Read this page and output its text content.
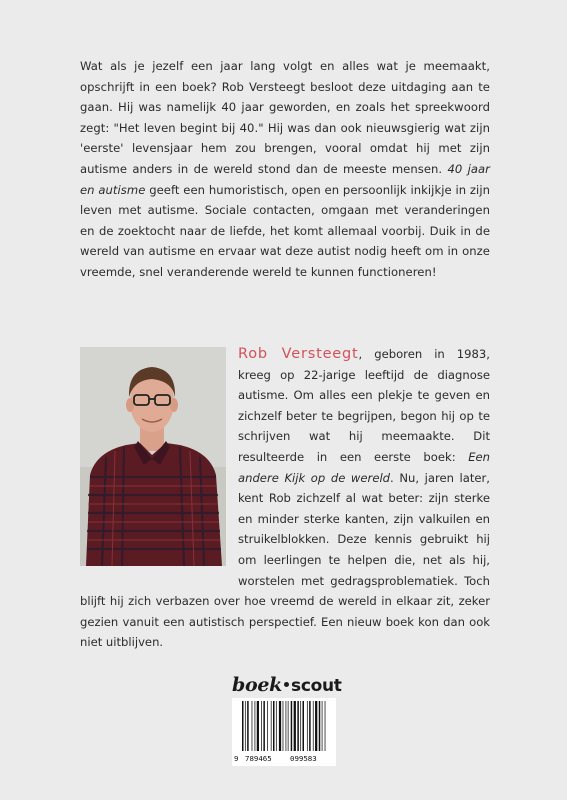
Wat als je jezelf een jaar lang volgt en alles wat je meemaakt, opschrijft in een boek? Rob Versteegt besloot deze uitdaging aan te gaan. Hij was namelijk 40 jaar geworden, en zoals het spreekwoord zegt: "Het leven begint bij 40." Hij was dan ook nieuwsgierig wat zijn 'eerste' levensjaar hem zou brengen, vooral omdat hij met zijn autisme anders in de wereld stond dan de meeste mensen. 40 jaar en autisme geeft een humoristisch, open en persoonlijk inkijkje in zijn leven met autisme. Sociale contacten, omgaan met veranderingen en de zoektocht naar de liefde, het komt allemaal voorbij. Duik in de wereld van autisme en ervaar wat deze autist nodig heeft om in onze vreemde, snel veranderende wereld te kunnen functioneren!
Rob Versteegt, geboren in 1983, kreeg op 22-jarige leeftijd de diagnose autisme. Om alles een plekje te geven en zichzelf beter te begrijpen, begon hij op te schrijven wat hij meemaakte. Dit resulteerde in een eerste boek: Een andere Kijk op de wereld. Nu, jaren later, kent Rob zichzelf al wat beter: zijn sterke en minder sterke kanten, zijn valkuilen en struikelblokken. Deze kennis gebruikt hij om leerlingen te helpen die, net als hij, worstelen met gedragsproblematiek. Toch blijft hij zich verbazen over hoe vreemd de wereld in elkaar zit, zeker gezien vanuit een autistisch perspectief. Een nieuw boek kon dan ook niet uitblijven.
boek scout
9 789465 099583
